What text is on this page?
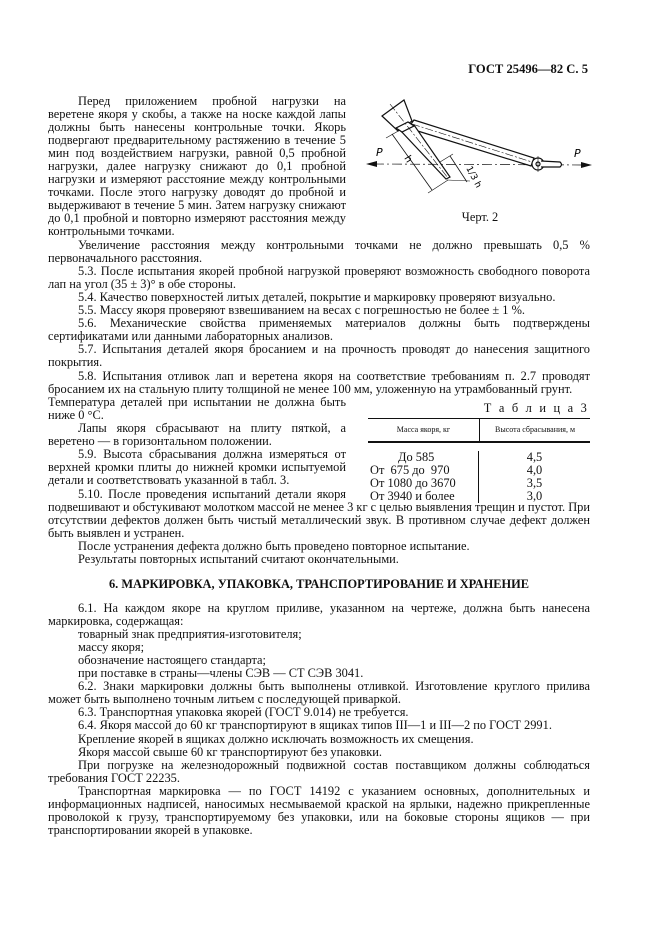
ГОСТ 25496—82 С. 5
Перед приложением пробной нагрузки на веретене якоря у скобы, а также на носке каждой лапы должны быть нанесены контрольные точки. Якорь подвергают предварительному растяжению в течение 5 мин под воздействием нагрузки, равной 0,5 пробной нагрузки, далее нагрузку снижают до 0,1 пробной нагрузки и измеряют расстояние между контрольными точками. После этого нагрузку доводят до пробной и выдерживают в течение 5 мин. Затем нагрузку снижают до 0,1 пробной и повторно измеряют расстояния между контрольными точками.
P	P
h
1/3 h
Черт. 2
Увеличение расстояния между контрольными точками не должно превышать 0,5 % первоначального расстояния.
5.3. После испытания якорей пробной нагрузкой проверяют возможность свободного поворота лап на угол (35 ± 3)° в обе стороны.
5.4. Качество поверхностей литых деталей, покрытие и маркировку проверяют визуально.
5.5. Массу якоря проверяют взвешиванием на весах с погрешностью не более ± 1 %.
5.6. Механические свойства применяемых материалов должны быть подтверждены сертификатами или данными лабораторных анализов.
5.7. Испытания деталей якоря бросанием и на прочность проводят до нанесения защитного покрытия.
5.8. Испытания отливок лап и веретена якоря на соответствие требованиям п. 2.7 проводят бросанием их на стальную плиту толщиной не менее 100 мм, уложенную на утрамбованный грунт.
Температура деталей при испытании не должна быть
ниже 0 °С.
Лапы якоря сбрасывают на плиту пяткой, а веретено — в горизонтальном положении.
5.9. Высота сбрасывания должна измеряться от верхней кромки плиты до нижней кромки испытуемой детали и соответствовать указанной в табл. 3.
5.10. После проведения испытаний детали якоря
подвешивают и обстукивают молотком массой не менее 3 кг с целью выявления трещин и пустот. При отсутствии дефектов должен быть чистый металлический звук. В противном случае дефект должен быть выявлен и устранен.
После устранения дефекта должно быть проведено повторное испытание.
Результаты повторных испытаний считают окончательными.
Т а б л и ц а 3
Масса якоря, кг	Высота сбрасывания, м
До 585	4,5
От  675 до  970	4,0
От 1080 до 3670	3,5
От 3940 и более	3,0
6. МАРКИРОВКА, УПАКОВКА, ТРАНСПОРТИРОВАНИЕ И ХРАНЕНИЕ
6.1. На каждом якоре на круглом приливе, указанном на чертеже, должна быть нанесена маркировка, содержащая:
товарный знак предприятия-изготовителя;
массу якоря;
обозначение настоящего стандарта;
при поставке в страны—члены СЭВ — СТ СЭВ 3041.
6.2. Знаки маркировки должны быть выполнены отливкой. Изготовление круглого прилива может быть выполнено точным литьем с последующей приваркой.
6.3. Транспортная упаковка якорей (ГОСТ 9.014) не требуется.
6.4. Якоря массой до 60 кг транспортируют в ящиках типов III—1 и III—2 по ГОСТ 2991.
Крепление якорей в ящиках должно исключать возможность их смещения.
Якоря массой свыше 60 кг транспортируют без упаковки.
При погрузке на железнодорожный подвижной состав поставщиком должны соблюдаться требования ГОСТ 22235.
Транспортная маркировка — по ГОСТ 14192 с указанием основных, дополнительных и информационных надписей, наносимых несмываемой краской на ярлыки, надежно прикрепленные проволокой к грузу, транспортируемому без упаковки, или на боковые стороны ящиков — при транспортировании якорей в упаковке.
